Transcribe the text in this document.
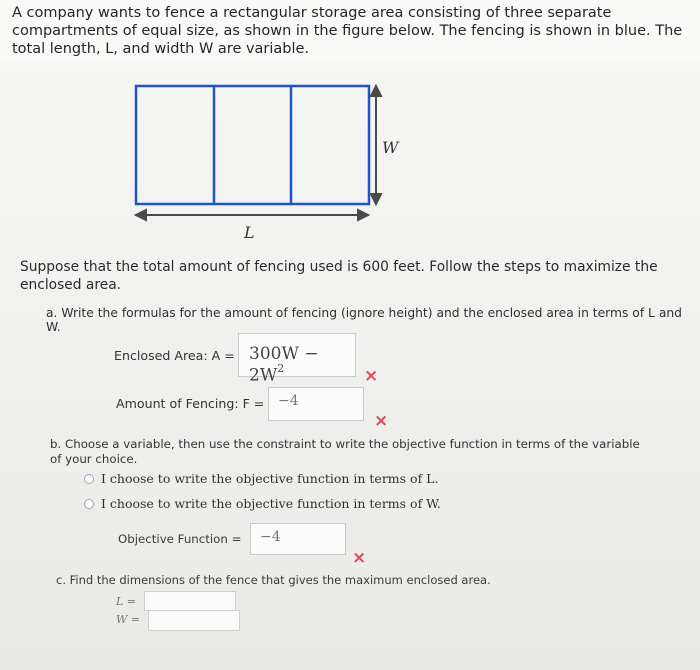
A company wants to fence a rectangular storage area consisting of three separate compartments of equal size, as shown in the figure below. The fencing is shown in blue. The total length, L, and width W are variable.
W
L
Suppose that the total amount of fencing used is 600 feet. Follow the steps to maximize the enclosed area.
a. Write the formulas for the amount of fencing (ignore height) and the enclosed area in terms of L and W.
Enclosed Area: $A = 300W - 2W^2$	×
Amount of Fencing: F = −4
×
b. Choose a variable, then use the constraint to write the objective function in terms of the variable of your choice.
I choose to write the objective function in terms of L.
I choose to write the objective function in terms of W.
Objective Function = −4
×
c. Find the dimensions of the fence that gives the maximum enclosed area.
L =
W =
